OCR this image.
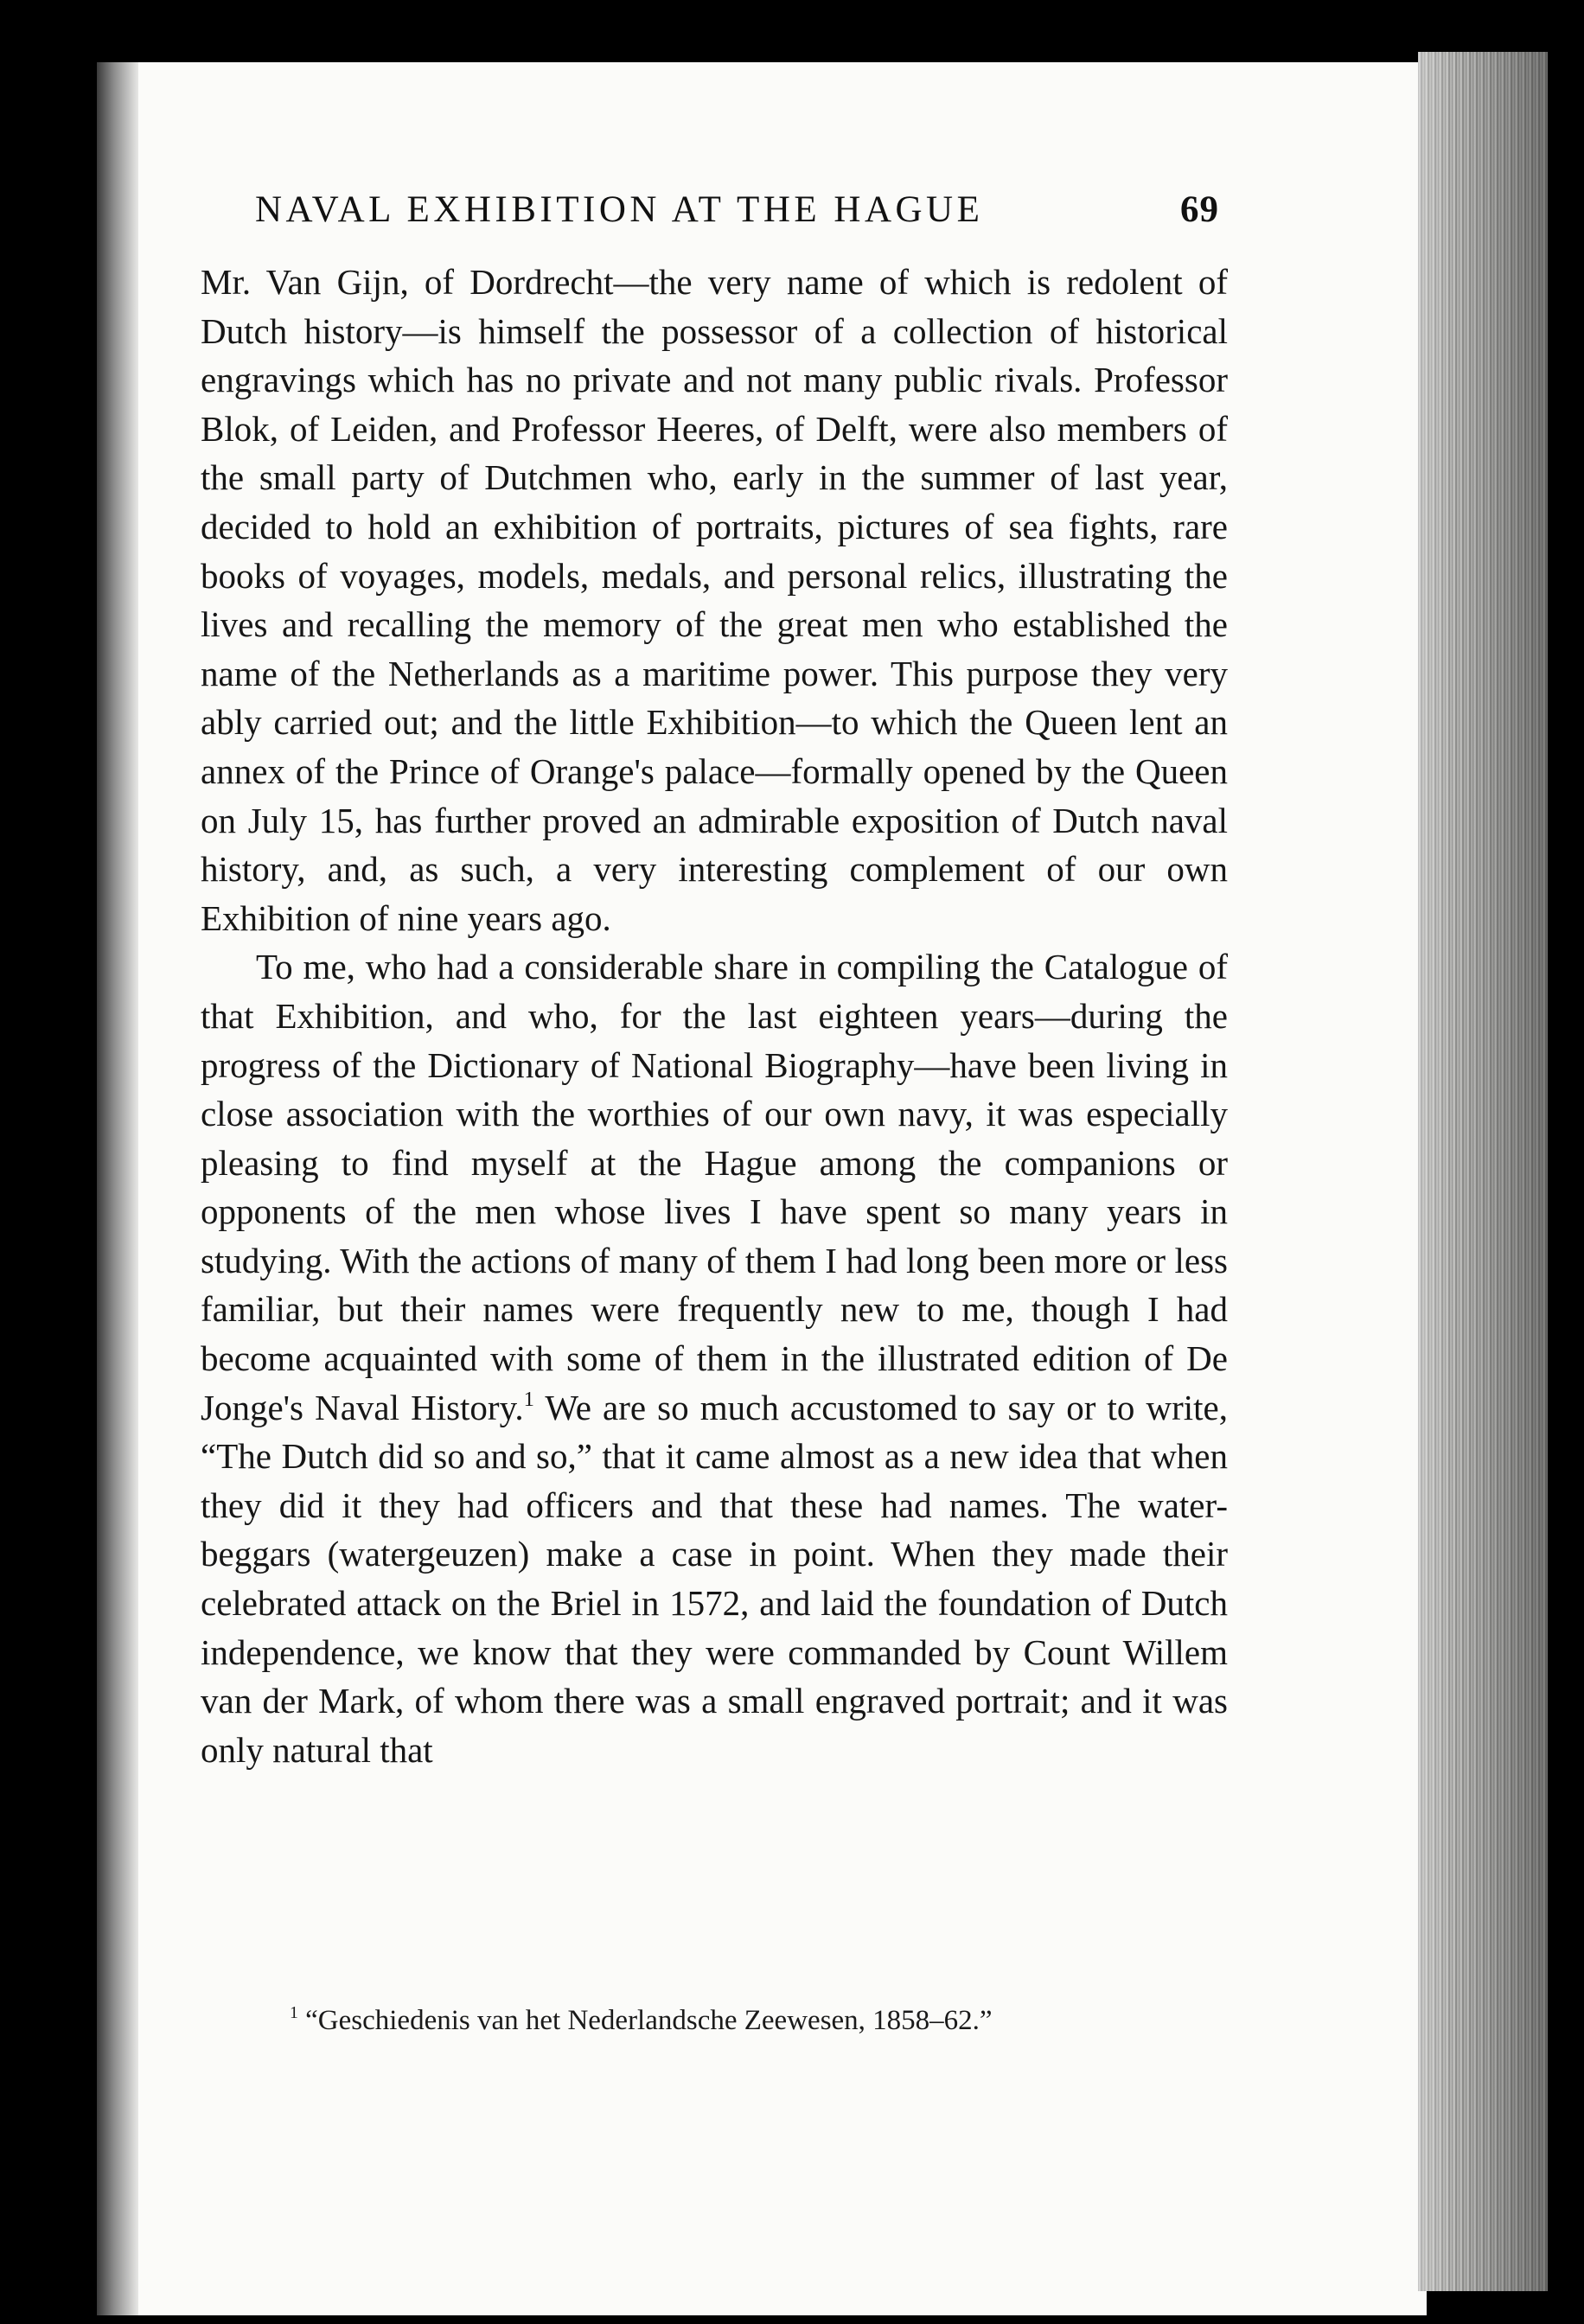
NAVAL EXHIBITION AT THE HAGUE	69

Mr. Van Gijn, of Dordrecht—the very name of which is redolent of Dutch history—is himself the possessor of a collection of historical engravings which has no private and not many public rivals. Professor Blok, of Leiden, and Professor Heeres, of Delft, were also members of the small party of Dutchmen who, early in the summer of last year, decided to hold an exhibition of portraits, pictures of sea fights, rare books of voyages, models, medals, and personal relics, illustrating the lives and recalling the memory of the great men who established the name of the Netherlands as a maritime power. This purpose they very ably carried out; and the little Exhibition—to which the Queen lent an annex of the Prince of Orange's palace—formally opened by the Queen on July 15, has further proved an admirable exposition of Dutch naval history, and, as such, a very interesting complement of our own Exhibition of nine years ago.

To me, who had a considerable share in compiling the Catalogue of that Exhibition, and who, for the last eighteen years—during the progress of the Dictionary of National Biography—have been living in close association with the worthies of our own navy, it was especially pleasing to find myself at the Hague among the companions or opponents of the men whose lives I have spent so many years in studying. With the actions of many of them I had long been more or less familiar, but their names were frequently new to me, though I had become acquainted with some of them in the illustrated edition of De Jonge's Naval History.$^1$ We are so much accustomed to say or to write, “The Dutch did so and so,” that it came almost as a new idea that when they did it they had officers and that these had names. The water-beggars (watergeuzen) make a case in point. When they made their celebrated attack on the Briel in 1572, and laid the foundation of Dutch independence, we know that they were commanded by Count Willem van der Mark, of whom there was a small engraved portrait; and it was only natural that

$^1$ “Geschiedenis van het Nederlandsche Zeewesen, 1858–62.”
